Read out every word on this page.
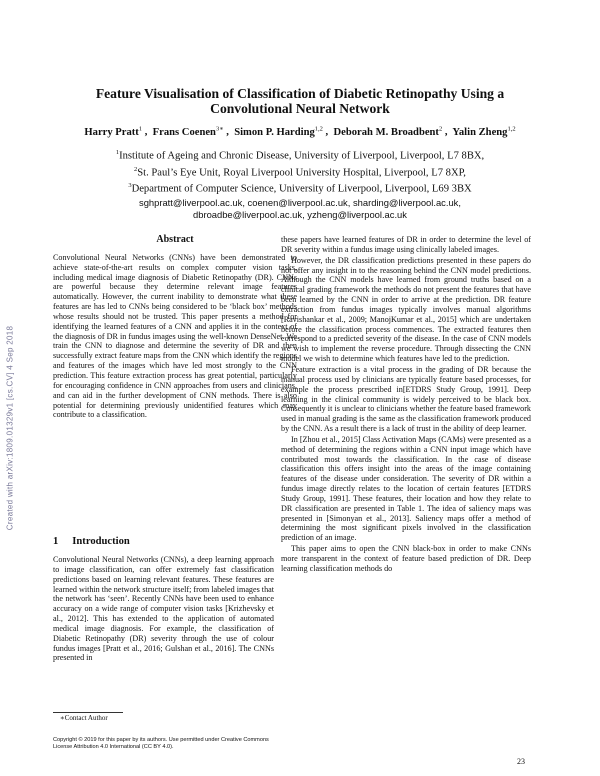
Feature Visualisation of Classification of Diabetic Retinopathy Using a Convolutional Neural Network
Harry Pratt$^1$ ,  Frans Coenen$^{3∗}$ ,  Simon P. Harding$^{1,2}$ ,  Deborah M. Broadbent$^2$ ,  Yalin Zheng$^{1,2}$
$^1$Institute of Ageing and Chronic Disease, University of Liverpool, Liverpool, L7 8BX,
$^2$St. Paul’s Eye Unit, Royal Liverpool University Hospital, Liverpool, L7 8XP,
$^3$Department of Computer Science, University of Liverpool, Liverpool, L69 3BX
sghpratt@liverpool.ac.uk, coenen@liverpool.ac.uk, sharding@liverpool.ac.uk,
dbroadbe@liverpool.ac.uk, yzheng@liverpool.ac.uk
Created with arXiv:1809.01329v1 [cs.CV] 4 Sep 2018
Abstract

Convolutional Neural Networks (CNNs) have been demonstrated to achieve state-of-the-art results on complex computer vision tasks, including medical image diagnosis of Diabetic Retinopathy (DR). CNNs are powerful because they determine relevant image features automatically. However, the current inability to demonstrate what these features are has led to CNNs being considered to be ‘black box’ methods whose results should not be trusted. This paper presents a method for identifying the learned features of a CNN and applies it in the context of the diagnosis of DR in fundus images using the well-known DenseNet. We train the CNN to diagnose and determine the severity of DR and then successfully extract feature maps from the CNN which identify the regions and features of the images which have led most strongly to the CNN prediction. This feature extraction process has great potential, particularly for encouraging confidence in CNN approaches from users and clinicians, and can aid in the further development of CNN methods. There is also potential for determining previously unidentified features which may contribute to a classification.

1 Introduction

Convolutional Neural Networks (CNNs), a deep learning approach to image classification, can offer extremely fast classification predictions based on learning relevant features. These features are learned within the network structure itself; from labeled images that the network has ‘seen’. Recently CNNs have been used to enhance accuracy on a wide range of computer vision tasks [Krizhevsky et al., 2012]. This has extended to the application of automated medical image diagnosis. For example, the classification of Diabetic Retinopathy (DR) severity through the use of colour fundus images [Pratt et al., 2016; Gulshan et al., 2016]. The CNNs presented in

these papers have learned features of DR in order to determine the level of DR severity within a fundus image using clinically labeled images.

However, the DR classification predictions presented in these papers do not offer any insight in to the reasoning behind the CNN model predictions. Although the CNN models have learned from ground truths based on a clinical grading framework the methods do not present the features that have been learned by the CNN in order to arrive at the prediction. DR feature extraction from fundus images typically involves manual algorithms [Ravishankar et al., 2009; ManojKumar et al., 2015] which are undertaken before the classification process commences. The extracted features then correspond to a predicted severity of the disease. In the case of CNN models we wish to implement the reverse procedure. Through dissecting the CNN model we wish to determine which features have led to the prediction.

Feature extraction is a vital process in the grading of DR because the manual process used by clinicians are typically feature based processes, for example the process prescribed in[ETDRS Study Group, 1991]. Deep learning in the clinical community is widely perceived to be black box. Consequently it is unclear to clinicians whether the feature based framework used in manual grading is the same as the classification framework produced by the CNN. As a result there is a lack of trust in the ability of deep learner.

In [Zhou et al., 2015] Class Activation Maps (CAMs) were presented as a method of determining the regions within a CNN input image which have contributed most towards the classification. In the case of disease classification this offers insight into the areas of the image containing features of the disease under consideration. The severity of DR within a fundus image directly relates to the location of certain features [ETDRS Study Group, 1991]. These features, their location and how they relate to DR classification are presented in Table 1. The idea of saliency maps was presented in [Simonyan et al., 2013]. Saliency maps offer a method of determining the most significant pixels involved in the classification prediction of an image.

This paper aims to open the CNN black-box in order to make CNNs more transparent in the context of feature based prediction of DR. Deep learning classification methods do

∗Contact Author
Copyright © 2019 for this paper by its authors. Use permitted under Creative Commons License Attribution 4.0 International (CC BY 4.0).
23
